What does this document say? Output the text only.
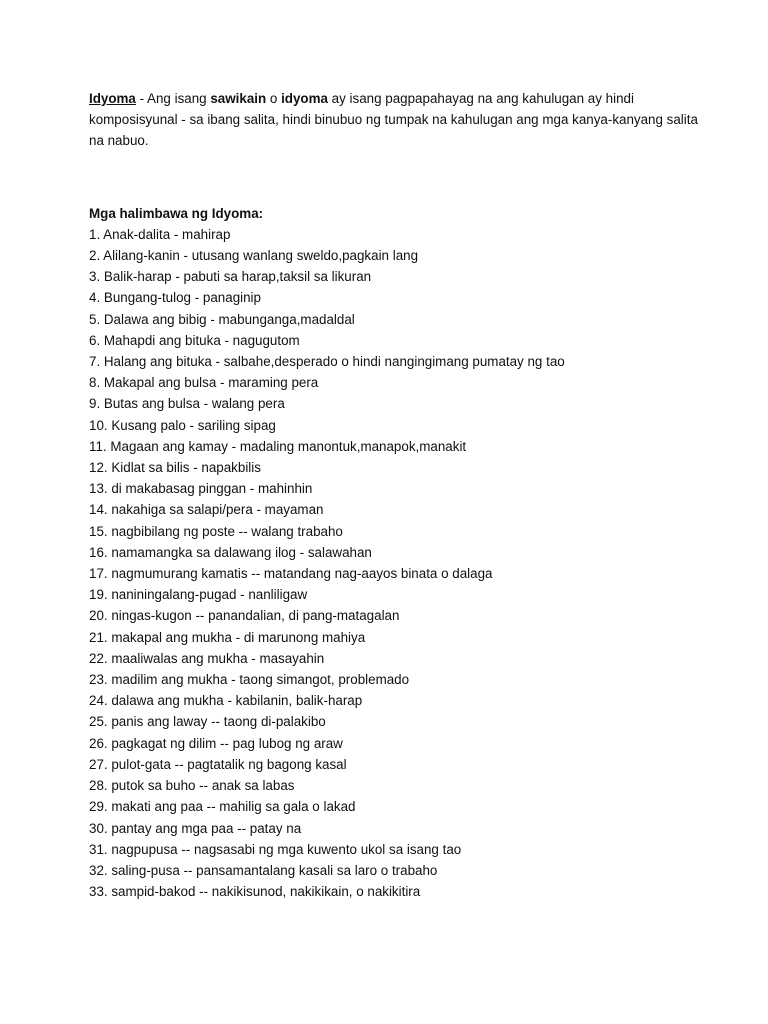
Idyoma - Ang isang sawikain o idyoma ay isang pagpapahayag na ang kahulugan ay hindi komposisyunal - sa ibang salita, hindi binubuo ng tumpak na kahulugan ang mga kanya-kanyang salita na nabuo.

Mga halimbawa ng Idyoma:

1. Anak-dalita - mahirap
2. Alilang-kanin - utusang wanlang sweldo,pagkain lang
3. Balik-harap - pabuti sa harap,taksil sa likuran
4. Bungang-tulog - panaginip
5. Dalawa ang bibig - mabunganga,madaldal
6. Mahapdi ang bituka - nagugutom
7. Halang ang bituka - salbahe,desperado o hindi nangingimang pumatay ng tao
8. Makapal ang bulsa - maraming pera
9. Butas ang bulsa - walang pera
10. Kusang palo - sariling sipag
11. Magaan ang kamay - madaling manontuk,manapok,manakit
12. Kidlat sa bilis - napakbilis
13. di makabasag pinggan - mahinhin
14. nakahiga sa salapi/pera - mayaman
15. nagbibilang ng poste -- walang trabaho
16. namamangka sa dalawang ilog - salawahan
17. nagmumurang kamatis -- matandang nag-aayos binata o dalaga
19. naniningalang-pugad - nanliligaw
20. ningas-kugon -- panandalian, di pang-matagalan
21. makapal ang mukha - di marunong mahiya
22. maaliwalas ang mukha - masayahin
23. madilim ang mukha - taong simangot, problemado
24. dalawa ang mukha - kabilanin, balik-harap
25. panis ang laway -- taong di-palakibo
26. pagkagat ng dilim -- pag lubog ng araw
27. pulot-gata -- pagtatalik ng bagong kasal
28. putok sa buho -- anak sa labas
29. makati ang paa -- mahilig sa gala o lakad
30. pantay ang mga paa -- patay na
31. nagpupusa -- nagsasabi ng mga kuwento ukol sa isang tao
32. saling-pusa -- pansamantalang kasali sa laro o trabaho
33. sampid-bakod -- nakikisunod, nakikikain, o nakikitira
